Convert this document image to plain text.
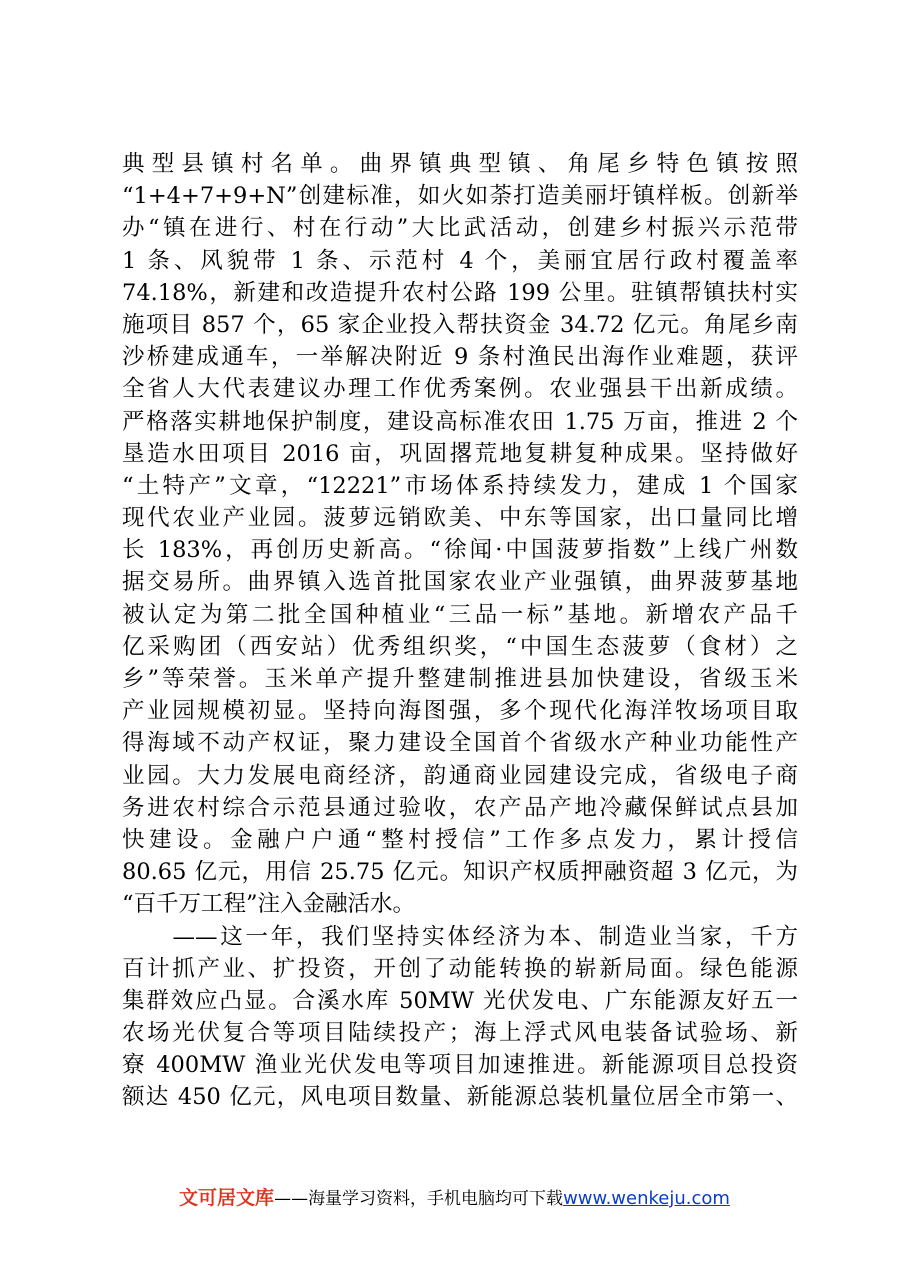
典型县镇村名单。曲界镇典型镇、角尾乡特色镇按照
“1+4+7+9+N”创建标准，如火如荼打造美丽圩镇样板。创新举
办“镇在进行、村在行动”大比武活动，创建乡村振兴示范带
1 条、风貌带 1 条、示范村 4 个，美丽宜居行政村覆盖率
74.18%，新建和改造提升农村公路 199 公里。驻镇帮镇扶村实
施项目 857 个，65 家企业投入帮扶资金 34.72 亿元。角尾乡南
沙桥建成通车，一举解决附近 9 条村渔民出海作业难题，获评
全省人大代表建议办理工作优秀案例。农业强县干出新成绩。
严格落实耕地保护制度，建设高标准农田 1.75 万亩，推进 2 个
垦造水田项目 2016 亩，巩固撂荒地复耕复种成果。坚持做好
“土特产”文章，“12221”市场体系持续发力，建成 1 个国家
现代农业产业园。菠萝远销欧美、中东等国家，出口量同比增
长 183%，再创历史新高。“徐闻·中国菠萝指数”上线广州数
据交易所。曲界镇入选首批国家农业产业强镇，曲界菠萝基地
被认定为第二批全国种植业“三品一标”基地。新增农产品千
亿采购团（西安站）优秀组织奖，“中国生态菠萝（食材）之
乡”等荣誉。玉米单产提升整建制推进县加快建设，省级玉米
产业园规模初显。坚持向海图强，多个现代化海洋牧场项目取
得海域不动产权证，聚力建设全国首个省级水产种业功能性产
业园。大力发展电商经济，韵通商业园建设完成，省级电子商
务进农村综合示范县通过验收，农产品产地冷藏保鲜试点县加
快建设。金融户户通“整村授信”工作多点发力，累计授信
80.65 亿元，用信 25.75 亿元。知识产权质押融资超 3 亿元，为
“百千万工程”注入金融活水。
　　——这一年，我们坚持实体经济为本、制造业当家，千方
百计抓产业、扩投资，开创了动能转换的崭新局面。绿色能源
集群效应凸显。合溪水库 50MW 光伏发电、广东能源友好五一
农场光伏复合等项目陆续投产；海上浮式风电装备试验场、新
寮 400MW 渔业光伏发电等项目加速推进。新能源项目总投资
额达 450 亿元，风电项目数量、新能源总装机量位居全市第一、
文可居文库——海量学习资料，手机电脑均可下载www.wenkeju.com
